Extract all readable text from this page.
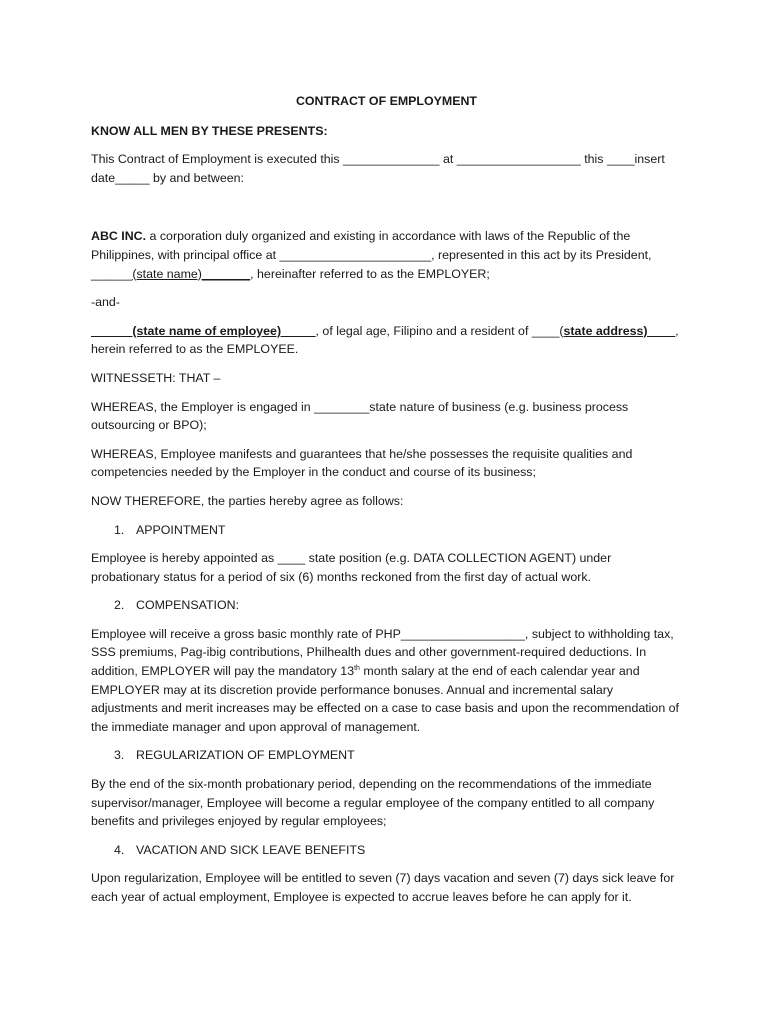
CONTRACT OF EMPLOYMENT

KNOW ALL MEN BY THESE PRESENTS:

This Contract of Employment is executed this ______________ at __________________ this ____insert date_____ by and between:

ABC INC. a corporation duly organized and existing in accordance with laws of the Republic of the Philippines, with principal office at ______________________, represented in this act by its President, ______(state name)_______, hereinafter referred to as the EMPLOYER;

-and-

______(state name of employee)_____, of legal age, Filipino and a resident of ____(state address)____, herein referred to as the EMPLOYEE.

WITNESSETH: THAT –

WHEREAS, the Employer is engaged in ________state nature of business (e.g. business process outsourcing or BPO);

WHEREAS, Employee manifests and guarantees that he/she possesses the requisite qualities and competencies needed by the Employer in the conduct and course of its business;

NOW THEREFORE, the parties hereby agree as follows:

1. APPOINTMENT

Employee is hereby appointed as ____ state position (e.g. DATA COLLECTION AGENT) under probationary status for a period of six (6) months reckoned from the first day of actual work.

2. COMPENSATION:

Employee will receive a gross basic monthly rate of PHP__________________, subject to withholding tax, SSS premiums, Pag-ibig contributions, Philhealth dues and other government-required deductions. In addition, EMPLOYER will pay the mandatory 13th month salary at the end of each calendar year and EMPLOYER may at its discretion provide performance bonuses. Annual and incremental salary adjustments and merit increases may be effected on a case to case basis and upon the recommendation of the immediate manager and upon approval of management.

3. REGULARIZATION OF EMPLOYMENT

By the end of the six-month probationary period, depending on the recommendations of the immediate supervisor/manager, Employee will become a regular employee of the company entitled to all company benefits and privileges enjoyed by regular employees;

4. VACATION AND SICK LEAVE BENEFITS

Upon regularization, Employee will be entitled to seven (7) days vacation and seven (7) days sick leave for each year of actual employment, Employee is expected to accrue leaves before he can apply for it.
